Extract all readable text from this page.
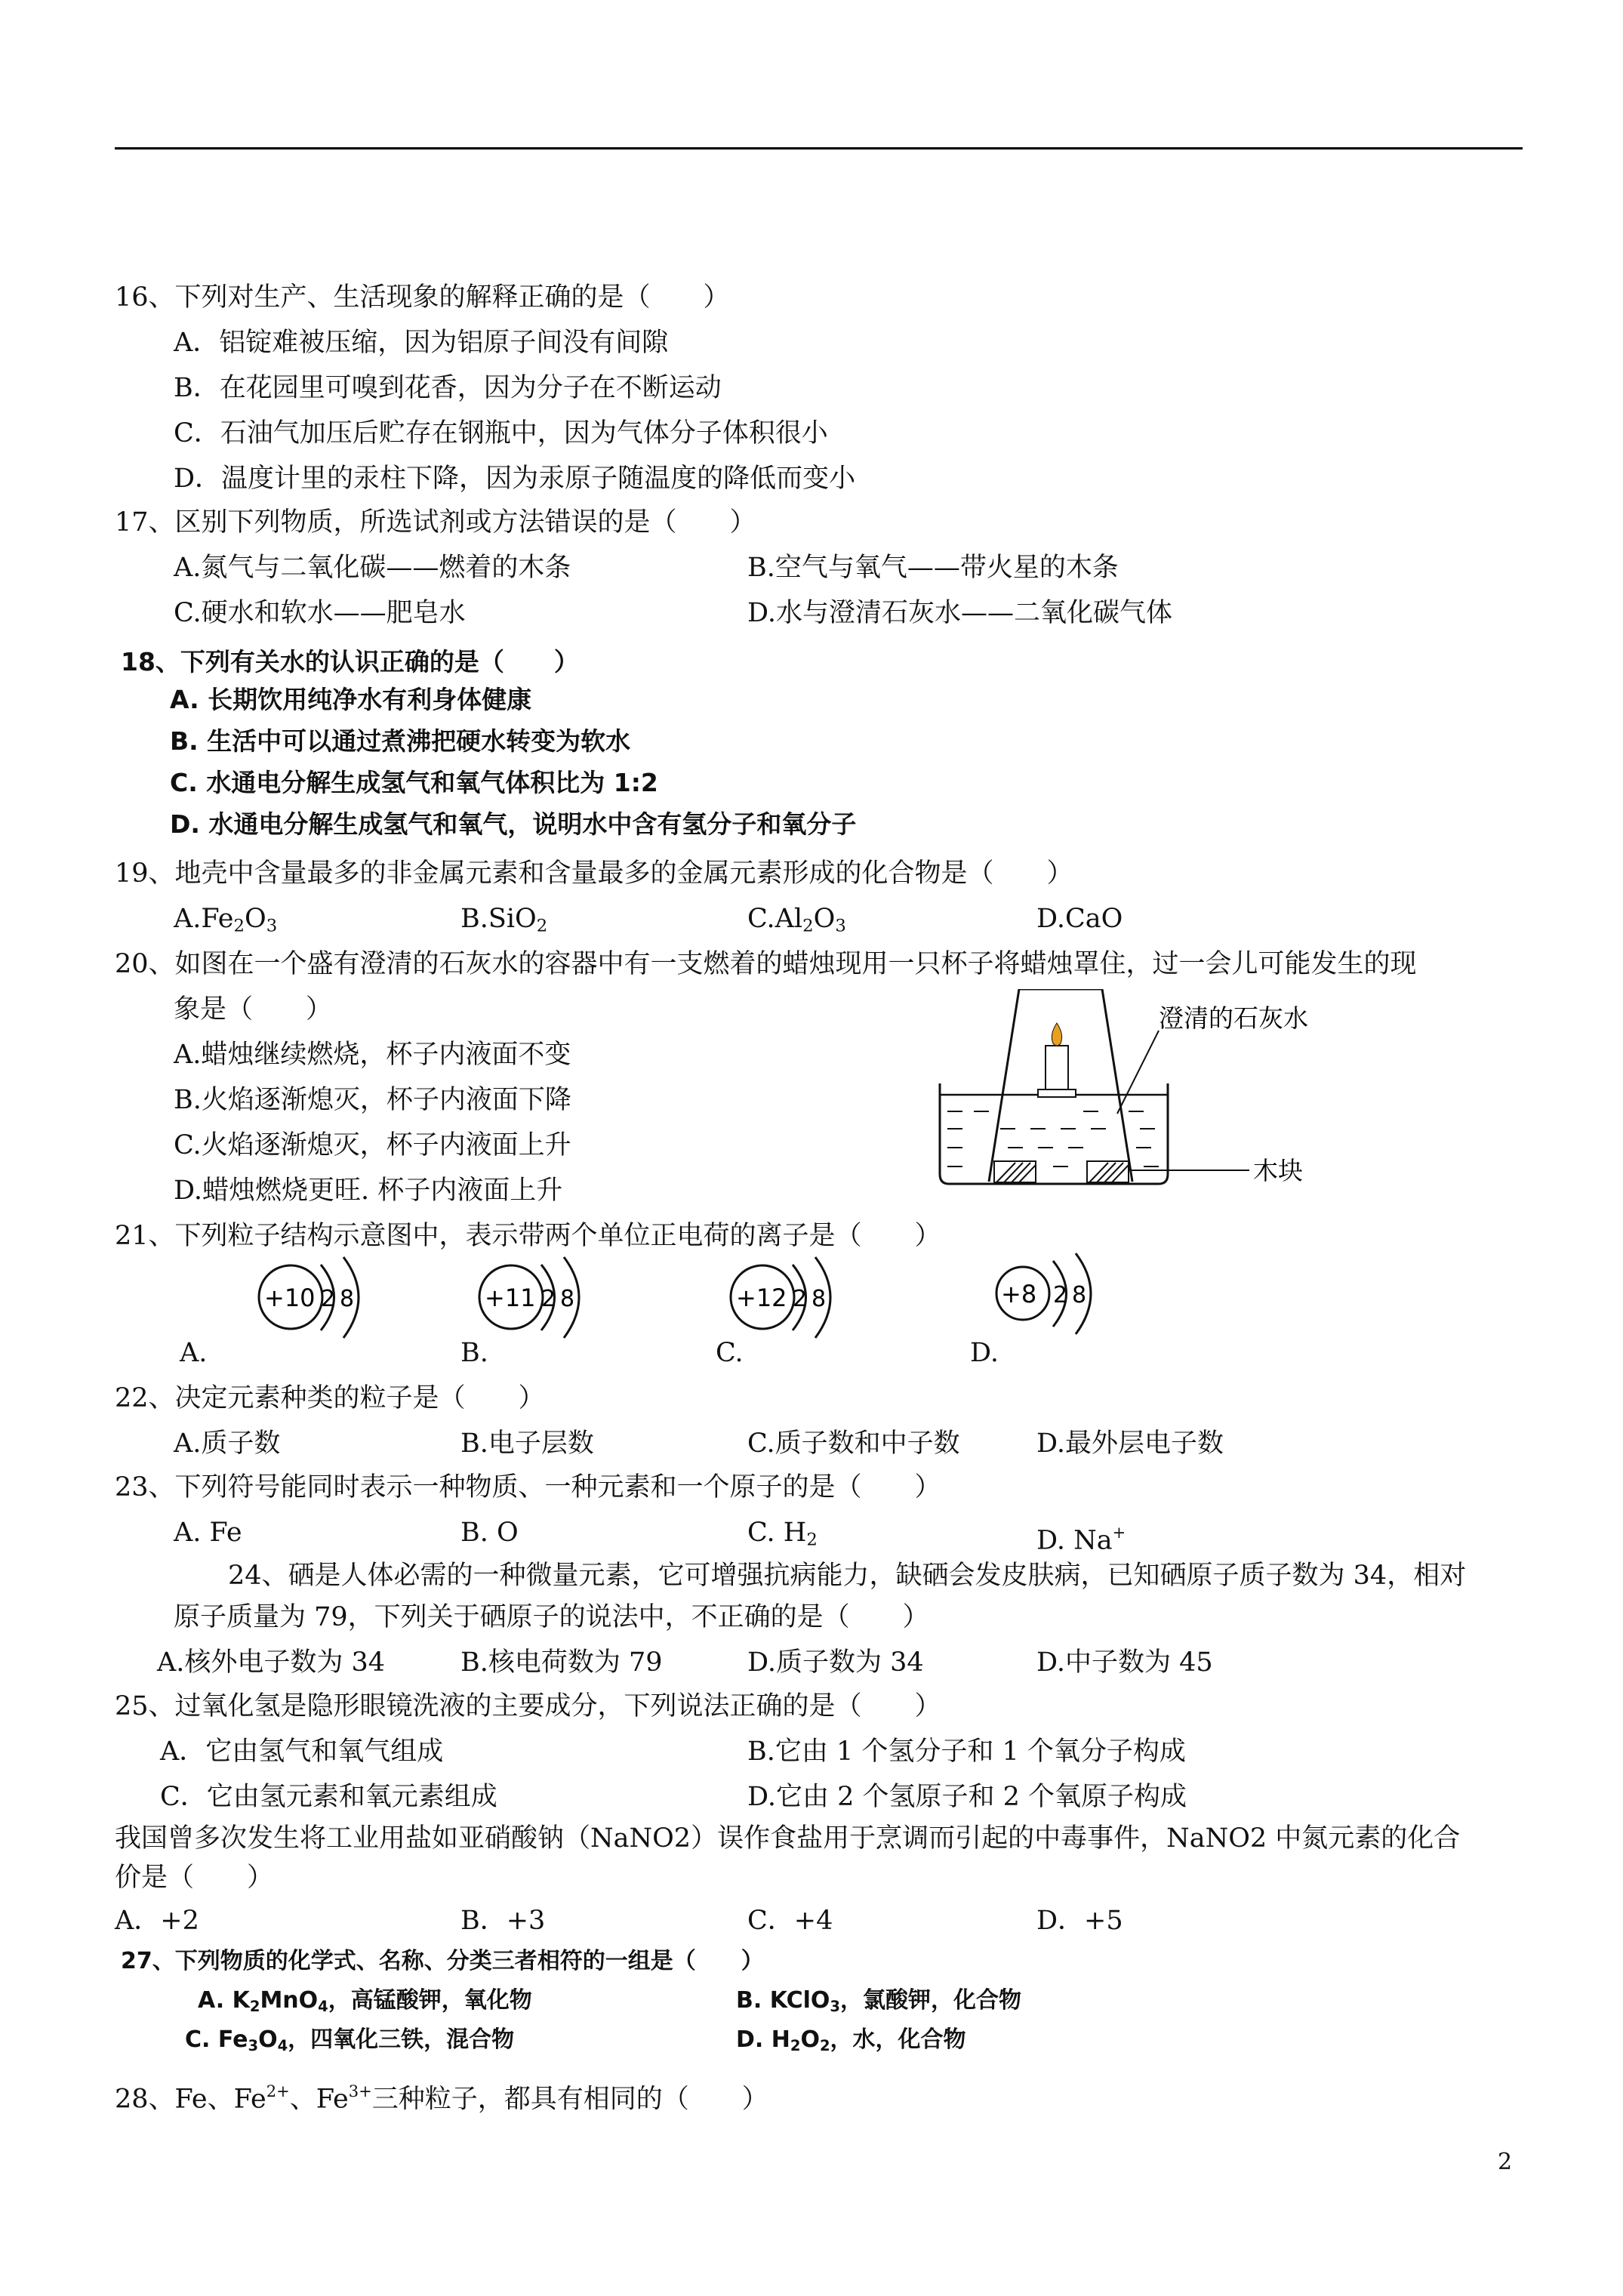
16、下列对生产、生活现象的解释正确的是（　　）
A．铝锭难被压缩，因为铝原子间没有间隙
B．在花园里可嗅到花香，因为分子在不断运动
C．石油气加压后贮存在钢瓶中，因为气体分子体积很小
D．温度计里的汞柱下降，因为汞原子随温度的降低而变小
17、区别下列物质，所选试剂或方法错误的是（　　）
A.氮气与二氧化碳——燃着的木条	B.空气与氧气——带火星的木条
C.硬水和软水——肥皂水	D.水与澄清石灰水——二氧化碳气体
18、下列有关水的认识正确的是（　　）
A. 长期饮用纯净水有利身体健康
B. 生活中可以通过煮沸把硬水转变为软水
C. 水通电分解生成氢气和氧气体积比为 1:2
D. 水通电分解生成氢气和氧气，说明水中含有氢分子和氧分子
19、地壳中含量最多的非金属元素和含量最多的金属元素形成的化合物是（　　）
$A.Fe_2O_3$	B.SiO$_2$	$C.Al_2O_3$	D.CaO
20、如图在一个盛有澄清的石灰水的容器中有一支燃着的蜡烛现用一只杯子将蜡烛罩住，过一会儿可能发生的现
象是（　　）
A.蜡烛继续燃烧，杯子内液面不变
B.火焰逐渐熄灭，杯子内液面下降
C.火焰逐渐熄灭，杯子内液面上升
D.蜡烛燃烧更旺. 杯子内液面上升
澄清的石灰水
木块
21、下列粒子结构示意图中，表示带两个单位正电荷的离子是（　　）
+10 2 8	+11 2 8	+12 2 8	+8 2 8
A.	B.	C.	D.
22、决定元素种类的粒子是（　　）
A.质子数	B.电子层数	C.质子数和中子数	D.最外层电子数
23、下列符号能同时表示一种物质、一种元素和一个原子的是（　　）
A. Fe	B. O	C. $H_2$	D. Na+
24、硒是人体必需的一种微量元素，它可增强抗病能力，缺硒会发皮肤病，已知硒原子质子数为 34，相对
原子质量为 79，下列关于硒原子的说法中，不正确的是（　　）
A.核外电子数为 34	B.核电荷数为 79	D.质子数为 34	D.中子数为 45
25、过氧化氢是隐形眼镜洗液的主要成分，下列说法正确的是（　　）
A．它由氢气和氧气组成	B.它由 1 个氢分子和 1 个氧分子构成
C．它由氢元素和氧元素组成	D.它由 2 个氢原子和 2 个氧原子构成
我国曾多次发生将工业用盐如亚硝酸钠（NaNO2）误作食盐用于烹调而引起的中毒事件，NaNO2 中氮元素的化合
价是（　　）
A．+2	B．+3	C．+4	D．+5
27、下列物质的化学式、名称、分类三者相符的一组是（　　）
A. $K_2MnO_4$，高锰酸钾，氧化物	B. KClO$_3$，氯酸钾，化合物
C. $Fe_3O_4$，四氧化三铁，混合物	D. $H_2O_2$，水，化合物
28、Fe、$Fe^{2+}$、$Fe^{3+}$三种粒子，都具有相同的（　　）
2
